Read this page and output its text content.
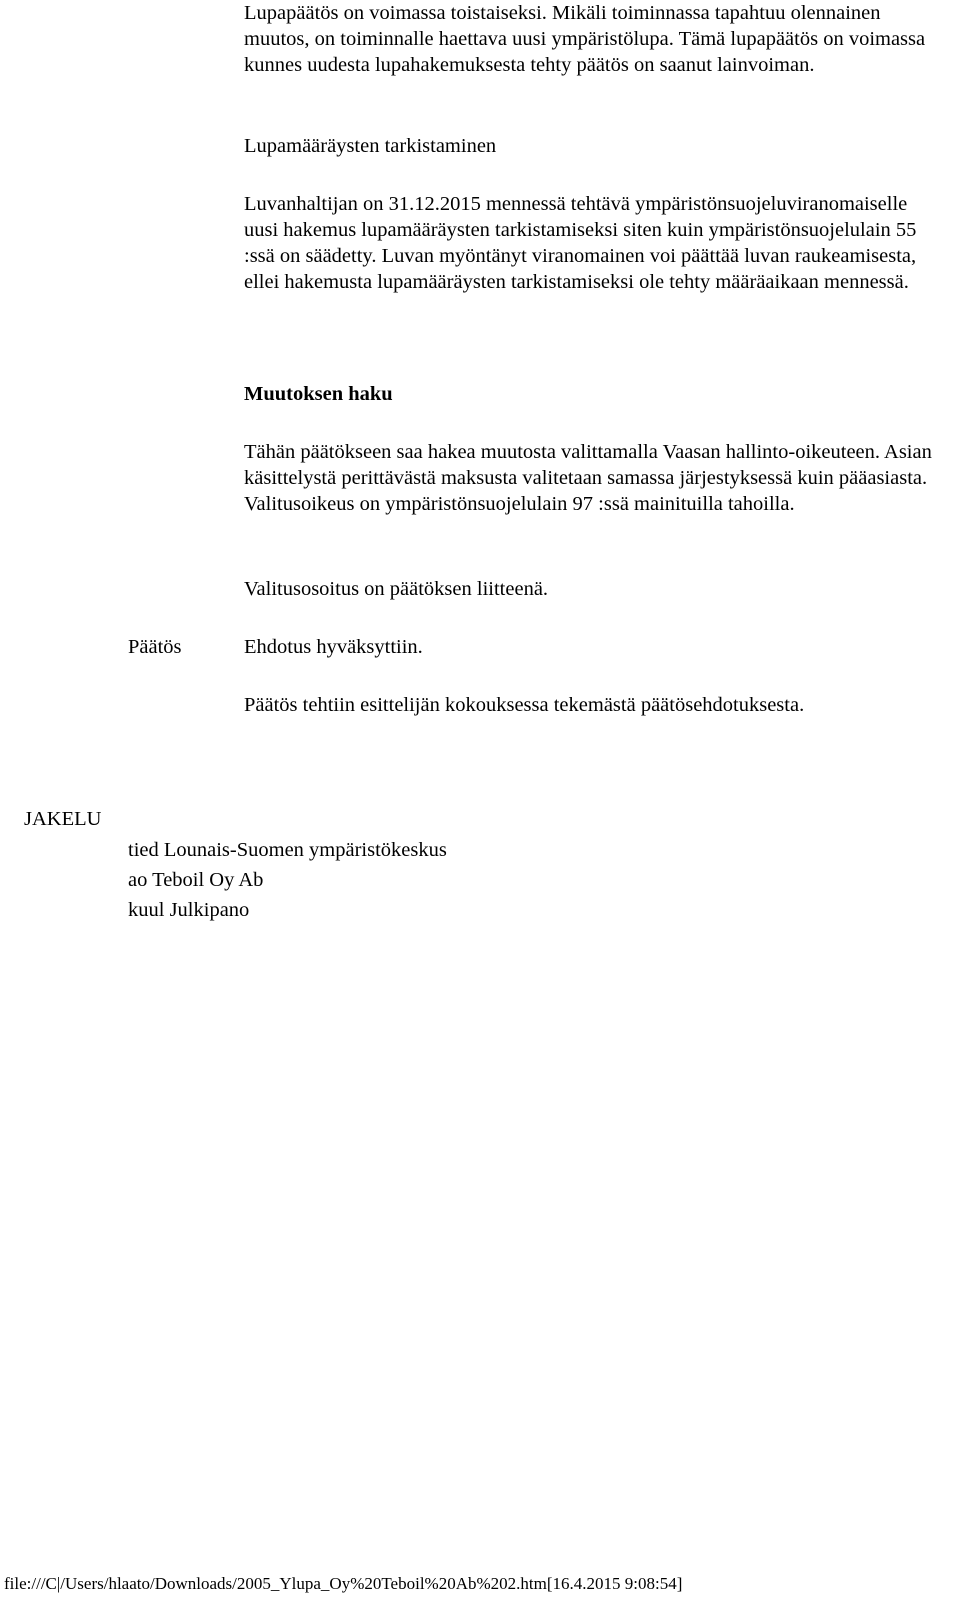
Lupapäätös on voimassa toistaiseksi. Mikäli toiminnassa tapahtuu olennainen muutos, on toiminnalle haettava uusi ympäristölupa. Tämä lupapäätös on voimassa kunnes uudesta lupahakemuksesta tehty päätös on saanut lainvoiman.

Lupamääräysten tarkistaminen

Luvanhaltijan on 31.12.2015 mennessä tehtävä ympäristönsuojeluviranomaiselle uusi hakemus lupamääräysten tarkistamiseksi siten kuin ympäristönsuojelulain 55 :ssä on säädetty. Luvan myöntänyt viranomainen voi päättää luvan raukeamisesta, ellei hakemusta lupamääräysten tarkistamiseksi ole tehty määräaikaan mennessä.

Muutoksen haku

Tähän päätökseen saa hakea muutosta valittamalla Vaasan hallinto-oikeuteen. Asian käsittelystä perittävästä maksusta valitetaan samassa järjestyksessä kuin pääasiasta. Valitusoikeus on ympäristönsuojelulain 97 :ssä mainituilla tahoilla.

Valitusosoitus on päätöksen liitteenä.

Päätös	Ehdotus hyväksyttiin.

Päätös tehtiin esittelijän kokouksessa tekemästä päätösehdotuksesta.

JAKELU
tied Lounais-Suomen ympäristökeskus
ao Teboil Oy Ab
kuul Julkipano
file:///C|/Users/hlaato/Downloads/2005_Ylupa_Oy%20Teboil%20Ab%202.htm[16.4.2015 9:08:54]
